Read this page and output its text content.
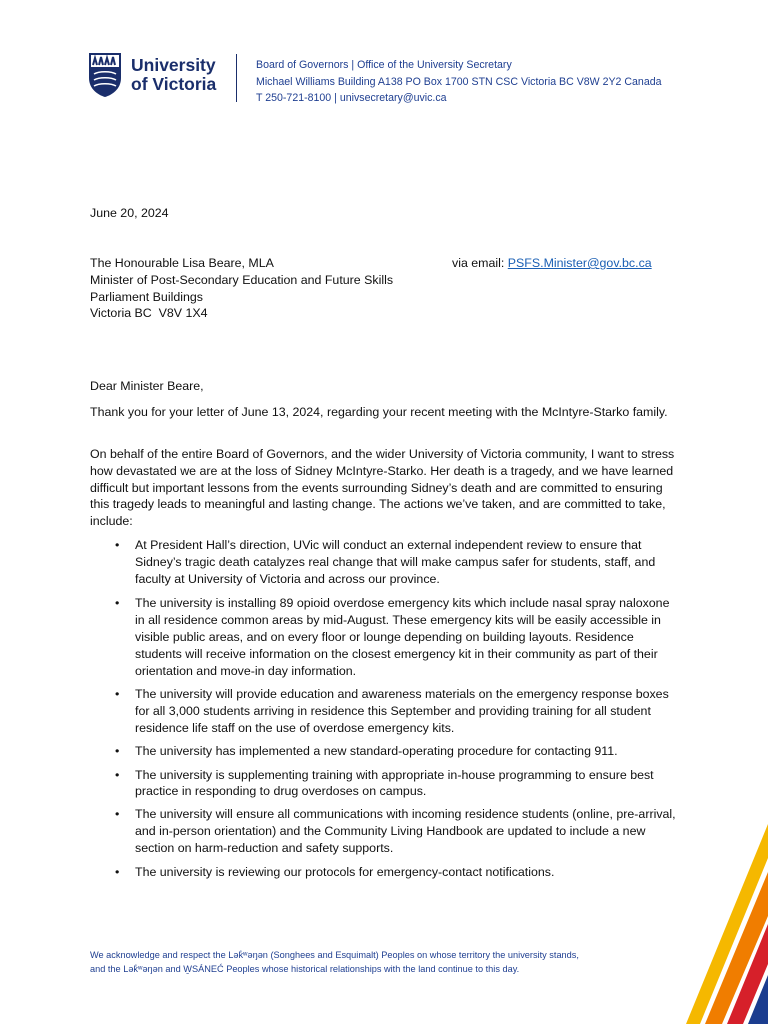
University
of Victoria
Board of Governors | Office of the University Secretary
Michael Williams Building A138 PO Box 1700 STN CSC Victoria BC V8W 2Y2 Canada
T 250-721-8100 | univsecretary@uvic.ca
June 20, 2024
The Honourable Lisa Beare, MLA
Minister of Post-Secondary Education and Future Skills
Parliament Buildings
Victoria BC  V8V 1X4
via email: PSFS.Minister@gov.bc.ca
Dear Minister Beare,
Thank you for your letter of June 13, 2024, regarding your recent meeting with the McIntyre-Starko family.
On behalf of the entire Board of Governors, and the wider University of Victoria community, I want to stress how devastated we are at the loss of Sidney McIntyre-Starko. Her death is a tragedy, and we have learned difficult but important lessons from the events surrounding Sidney’s death and are committed to ensuring this tragedy leads to meaningful and lasting change. The actions we’ve taken, and are committed to take, include:
• At President Hall’s direction, UVic will conduct an external independent review to ensure that Sidney’s tragic death catalyzes real change that will make campus safer for students, staff, and faculty at University of Victoria and across our province.
• The university is installing 89 opioid overdose emergency kits which include nasal spray naloxone in all residence common areas by mid-August. These emergency kits will be easily accessible in visible public areas, and on every floor or lounge depending on building layouts. Residence students will receive information on the closest emergency kit in their community as part of their orientation and move-in day information.
• The university will provide education and awareness materials on the emergency response boxes for all 3,000 students arriving in residence this September and providing training for all student residence life staff on the use of overdose emergency kits.
• The university has implemented a new standard-operating procedure for contacting 911.
• The university is supplementing training with appropriate in-house programming to ensure best practice in responding to drug overdoses on campus.
• The university will ensure all communications with incoming residence students (online, pre-arrival, and in-person orientation) and the Community Living Handbook are updated to include a new section on harm-reduction and safety supports.
• The university is reviewing our protocols for emergency-contact notifications.
We acknowledge and respect the Lək̓ʷəŋən (Songhees and Esquimalt) Peoples on whose territory the university stands,
and the Lək̓ʷəŋən and W̱SÁNEĆ Peoples whose historical relationships with the land continue to this day.
